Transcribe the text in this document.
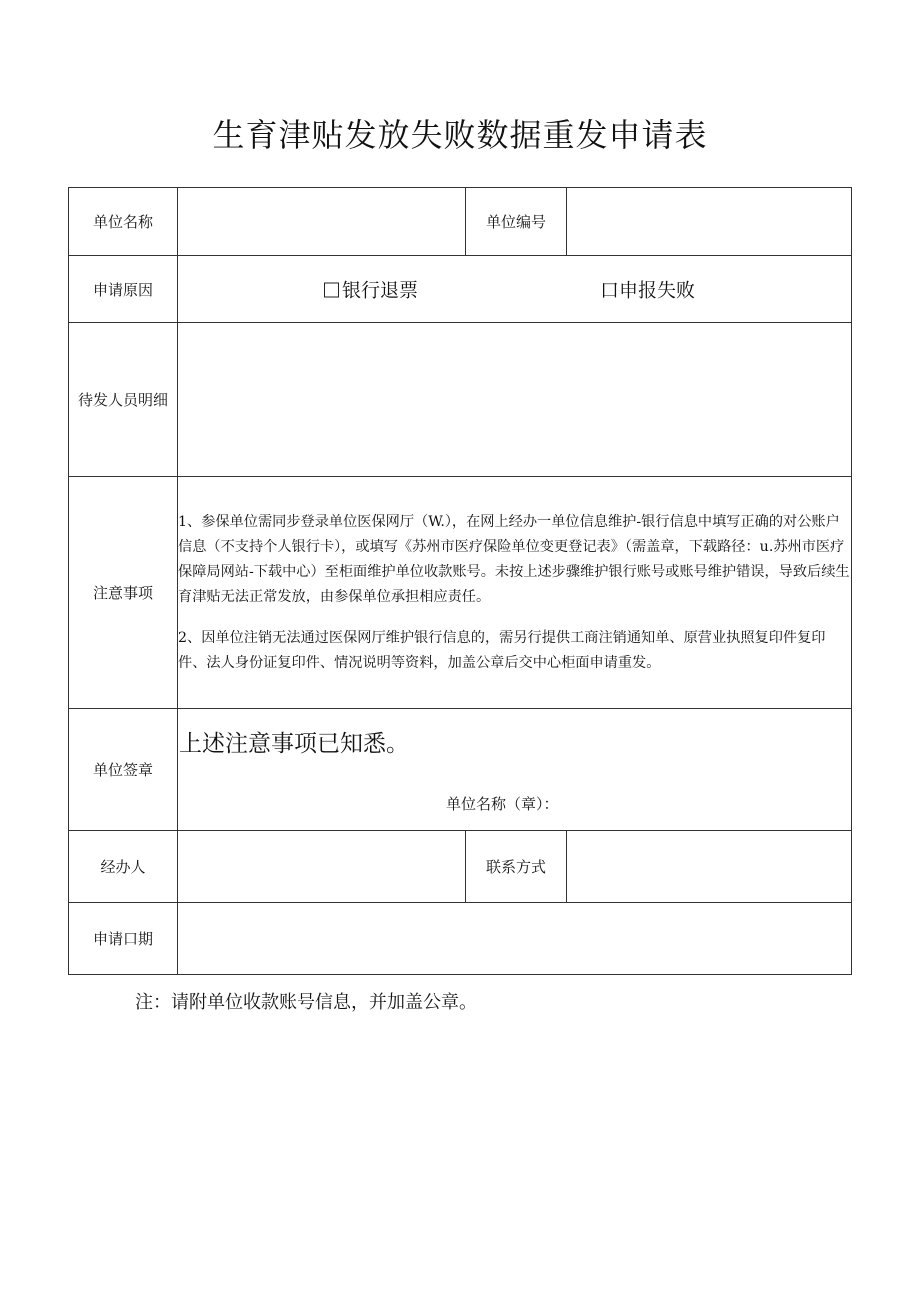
生育津贴发放失败数据重发申请表
单位名称		单位编号	
申请原因	银行退票 口申报失败		

待发人员明细			
注意事项	1、参保单位需同步登录单位医保网厅（W.），在网上经办一单位信息维护-银行信息中填写正确的对公账户信息（不支持个人银行卡），或填写《苏州市医疗保险单位变更登记表》（需盖章，下载路径：u.苏州市医疗保障局网站-下载中心）至柜面维护单位收款账号。未按上述步骤维护银行账号或账号维护错误，导致后续生育津贴无法正常发放，由参保单位承担相应责任。

2、因单位注销无法通过医保网厅维护银行信息的，需另行提供工商注销通知单、原营业执照复印件复印件、法人身份证复印件、情况说明等资料，加盖公章后交中心柜面申请重发。		

单位签章	上述注意事项已知悉。
单位名称（章）：		

经办人		联系方式	
申请口期			
注：请附单位收款账号信息，并加盖公章。
